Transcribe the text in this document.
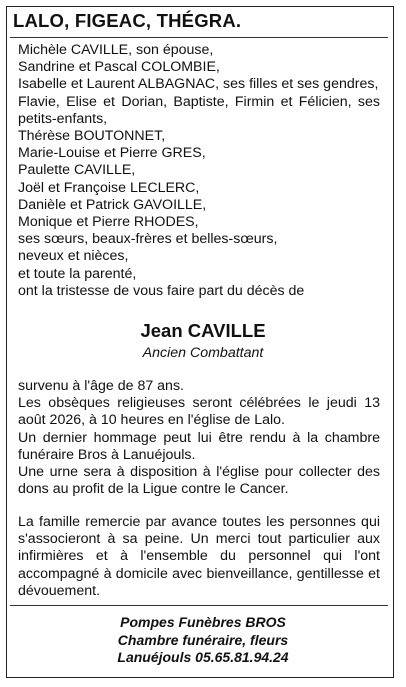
LALO, FIGEAC, THÉGRA.
Michèle CAVILLE, son épouse,
Sandrine et Pascal COLOMBIE,
Isabelle et Laurent ALBAGNAC, ses filles et ses gendres,
Flavie, Elise et Dorian, Baptiste, Firmin et Félicien, ses
petits-enfants,
Thérèse BOUTONNET,
Marie-Louise et Pierre GRES,
Paulette CAVILLE,
Joël et Françoise LECLERC,
Danièle et Patrick GAVOILLE,
Monique et Pierre RHODES,
ses sœurs, beaux-frères et belles-sœurs,
neveux et nièces,
et toute la parenté,
ont la tristesse de vous faire part du décès de
Jean CAVILLE
Ancien Combattant
survenu à l'âge de 87 ans.
Les obsèques religieuses seront célébrées le jeudi 13 août 2026, à 10 heures en l'église de Lalo.
Un dernier hommage peut lui être rendu à la chambre funéraire Bros à Lanuéjouls.
Une urne sera à disposition à l'église pour collecter des dons au profit de la Ligue contre le Cancer.
La famille remercie par avance toutes les personnes qui s'associeront à sa peine. Un merci tout particulier aux infirmières et à l'ensemble du personnel qui l'ont accompagné à domicile avec bienveillance, gentillesse et dévouement.
Pompes Funèbres BROS
Chambre funéraire, fleurs
Lanuéjouls 05.65.81.94.24
